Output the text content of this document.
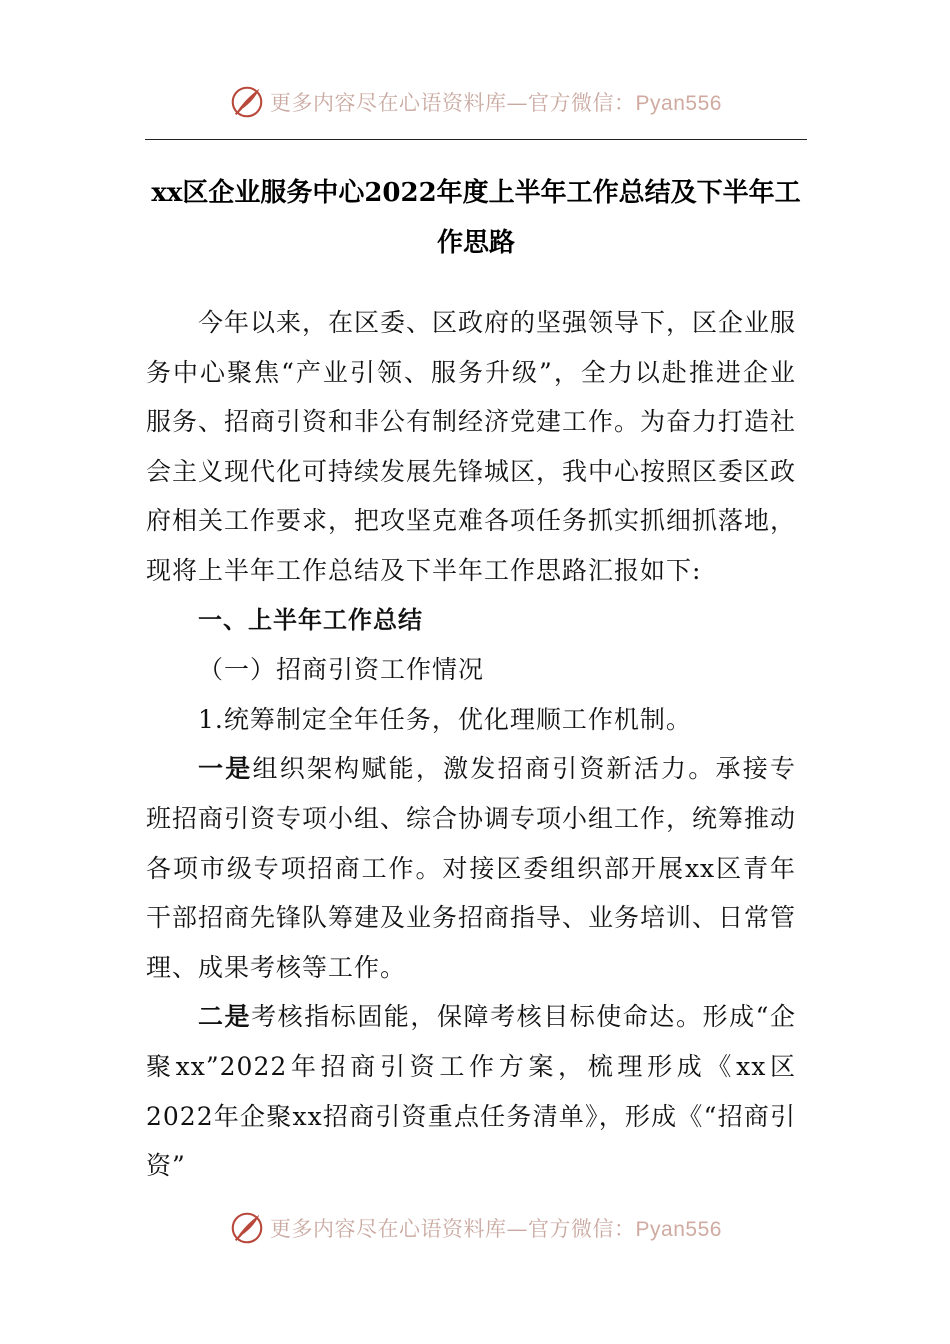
更多内容尽在心语资料库—官方微信：Pyan556
xx区企业服务中心2022年度上半年工作总结及下半年工作思路

今年以来，在区委、区政府的坚强领导下，区企业服务中心聚焦“产业引领、服务升级”，全力以赴推进企业服务、招商引资和非公有制经济党建工作。为奋力打造社会主义现代化可持续发展先锋城区，我中心按照区委区政府相关工作要求，把攻坚克难各项任务抓实抓细抓落地，现将上半年工作总结及下半年工作思路汇报如下:

一、上半年工作总结

（一）招商引资工作情况

1.统筹制定全年任务，优化理顺工作机制。

一是组织架构赋能，激发招商引资新活力。承接专班招商引资专项小组、综合协调专项小组工作，统筹推动各项市级专项招商工作。对接区委组织部开展xx区青年干部招商先锋队筹建及业务招商指导、业务培训、日常管理、成果考核等工作。

二是考核指标固能，保障考核目标使命达。形成“企聚xx”2022年招商引资工作方案，梳理形成《xx区2022年企聚xx招商引资重点任务清单》，形成《“招商引资”

更多内容尽在心语资料库—官方微信：Pyan556
